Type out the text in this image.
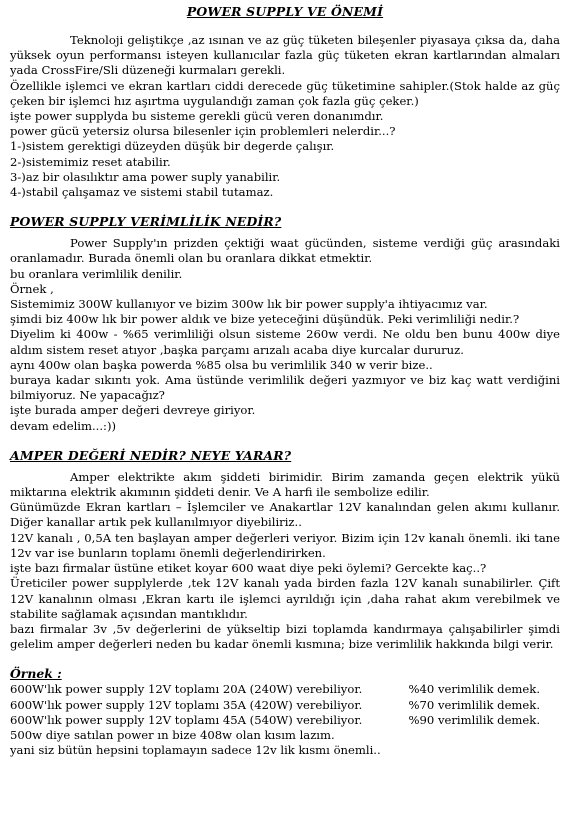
POWER SUPPLY VE ÖNEMİ

Teknoloji geliştikçe ,az ısınan ve az güç tüketen bileşenler piyasaya çıksa da, daha yüksek oyun performansı isteyen kullanıcılar fazla güç tüketen ekran kartlarından almaları yada CrossFire/Sli düzeneği kurmaları gerekli.

Özellikle işlemci ve ekran kartları ciddi derecede güç tüketimine sahipler.(Stok halde az güç çeken bir işlemci hız aşırtma uygulandığı zaman çok fazla güç çeker.)

işte power supplyda bu sisteme gerekli gücü veren donanımdır.

power gücü yetersiz olursa bilesenler için problemleri nelerdir...?

1-)sistem gerektigi düzeyden düşük bir degerde çalışır.

2-)sistemimiz reset atabilir.

3-)az bir olasılıktır ama power suply yanabilir.

4-)stabil çalışamaz ve sistemi stabil tutamaz.

POWER SUPPLY VERİMLİLİK NEDİR?

Power Supply'ın prizden çektiği waat gücünden, sisteme verdiği güç arasındaki oranlamadır. Burada önemli olan bu oranlara dikkat etmektir.

bu oranlara verimlilik denilir.

Örnek ,

Sistemimiz 300W kullanıyor ve bizim 300w lık bir power supply'a ihtiyacımız var.

şimdi biz 400w lık bir power aldık ve bize yeteceğini düşündük. Peki verimliliği nedir.?

Diyelim ki 400w - %65 verimliliği olsun sisteme 260w verdi. Ne oldu ben bunu 400w diye aldım sistem reset atıyor ,başka parçamı arızalı acaba diye kurcalar dururuz.

aynı 400w olan başka powerda %85 olsa bu verimlilik 340 w verir bize..

buraya kadar sıkıntı yok. Ama üstünde verimlilik değeri yazmıyor ve biz kaç watt verdiğini bilmiyoruz. Ne yapacağız?

işte burada amper değeri devreye giriyor.

devam edelim...:))

AMPER DEĞERİ NEDİR? NEYE YARAR?

Amper elektrikte akım şiddeti birimidir. Birim zamanda geçen elektrik yükü miktarına elektrik akımının şiddeti denir. Ve A harfi ile sembolize edilir.

Günümüzde Ekran kartları – İşlemciler ve Anakartlar 12V kanalından gelen akımı kullanır. Diğer kanallar artık pek kullanılmıyor diyebiliriz..

12V kanalı , 0,5A ten başlayan amper değerleri veriyor. Bizim için 12v kanalı önemli. iki tane 12v var ise bunların toplamı önemli değerlendirirken.

işte bazı firmalar üstüne etiket koyar 600 waat diye peki öylemi? Gercekte kaç..?

Üreticiler power supplylerde ,tek 12V kanalı yada birden fazla 12V kanalı sunabilirler. Çift 12V kanalının olması ,Ekran kartı ile işlemci ayrıldığı için ,daha rahat akım verebilmek ve stabilite sağlamak açısından mantıklıdır.

bazı firmalar 3v ,5v değerlerini de yükseltip bizi toplamda kandırmaya çalışabilirler şimdi gelelim amper değerleri neden bu kadar önemli kısmına; bize verimlilik hakkında bilgi verir.

Örnek :
600W'lık power supply 12V toplamı 20A (240W) verebiliyor.	%40 verimlilik demek.
600W'lık power supply 12V toplamı 35A (420W) verebiliyor.	%70 verimlilik demek.
600W'lık power supply 12V toplamı 45A (540W) verebiliyor.	%90 verimlilik demek.

500w diye satılan power ın bize 408w olan kısım lazım.

yani siz bütün hepsini toplamayın sadece 12v lik kısmı önemli..
